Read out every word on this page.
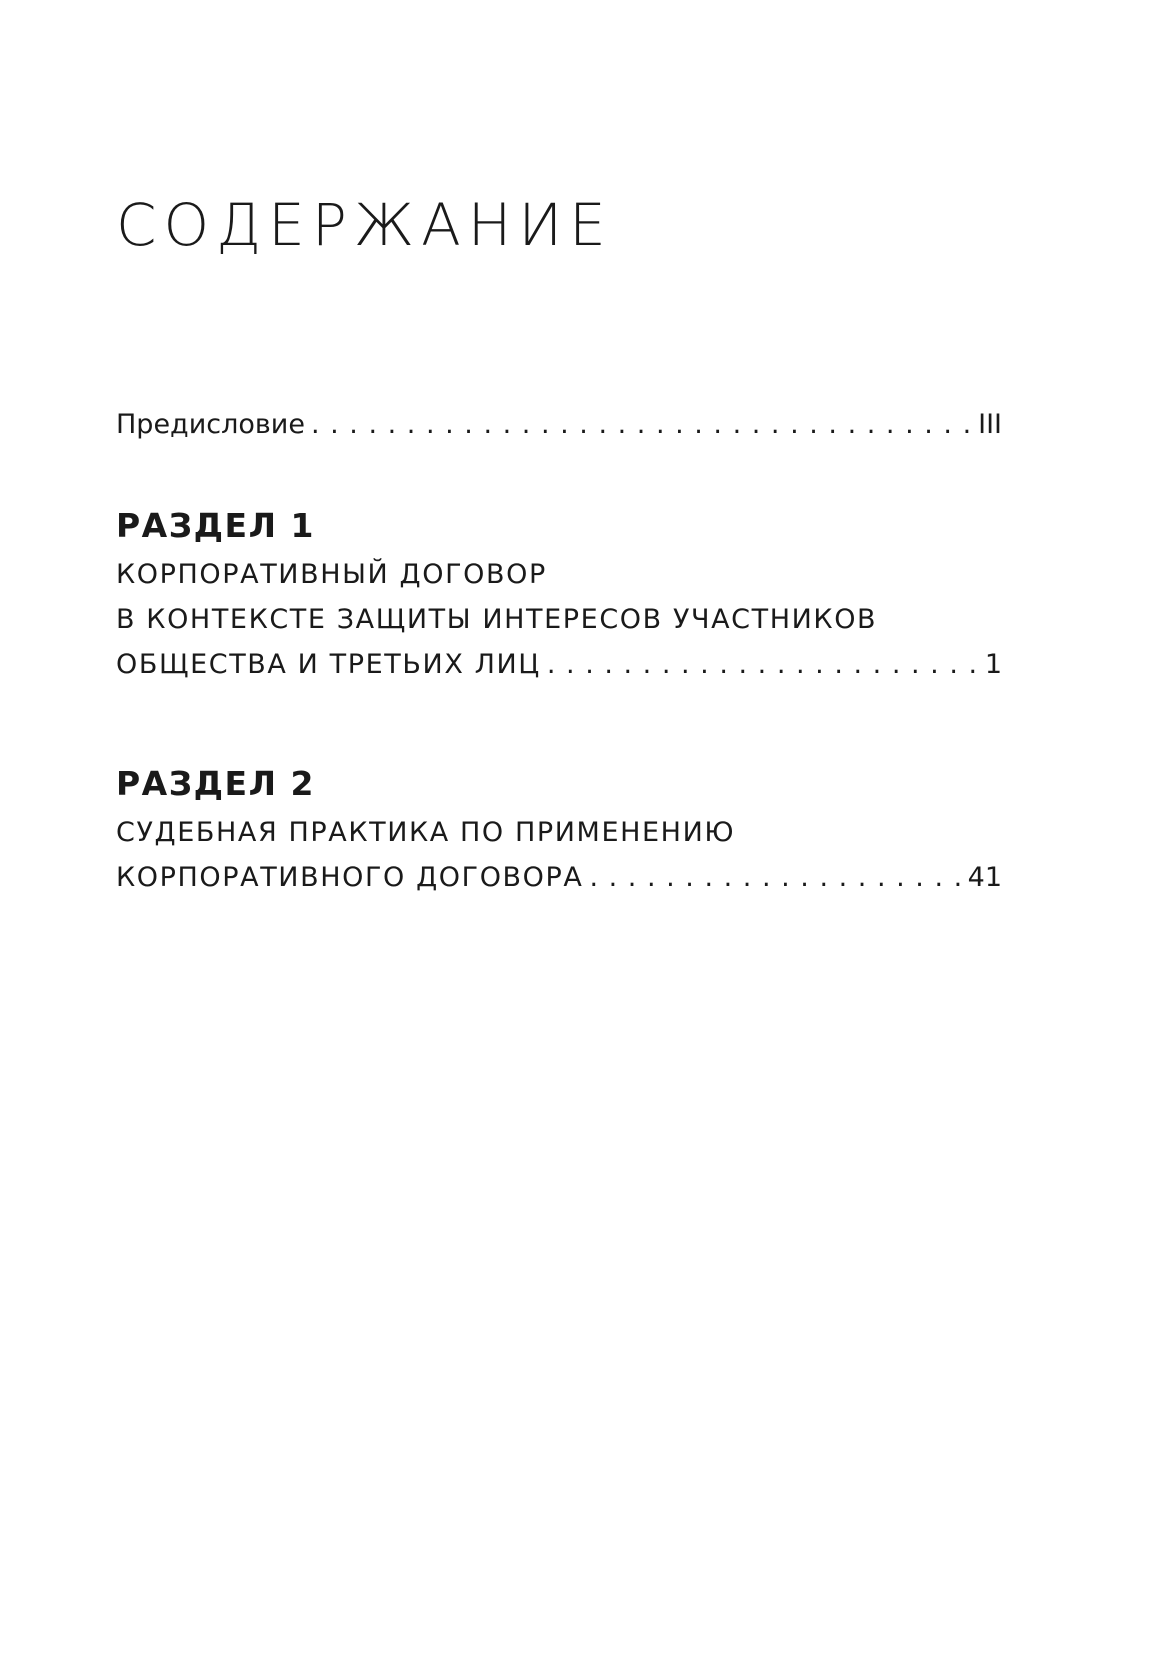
СОДЕРЖАНИЕ
Предисловие . . .	III
РАЗДЕЛ 1
КОРПОРАТИВНЫЙ ДОГОВОР
В КОНТЕКСТЕ ЗАЩИТЫ ИНТЕРЕСОВ УЧАСТНИКОВ
ОБЩЕСТВА И ТРЕТЬИХ ЛИЦ . . .	1
РАЗДЕЛ 2
СУДЕБНАЯ ПРАКТИКА ПО ПРИМЕНЕНИЮ
КОРПОРАТИВНОГО ДОГОВОРА . . .	41
